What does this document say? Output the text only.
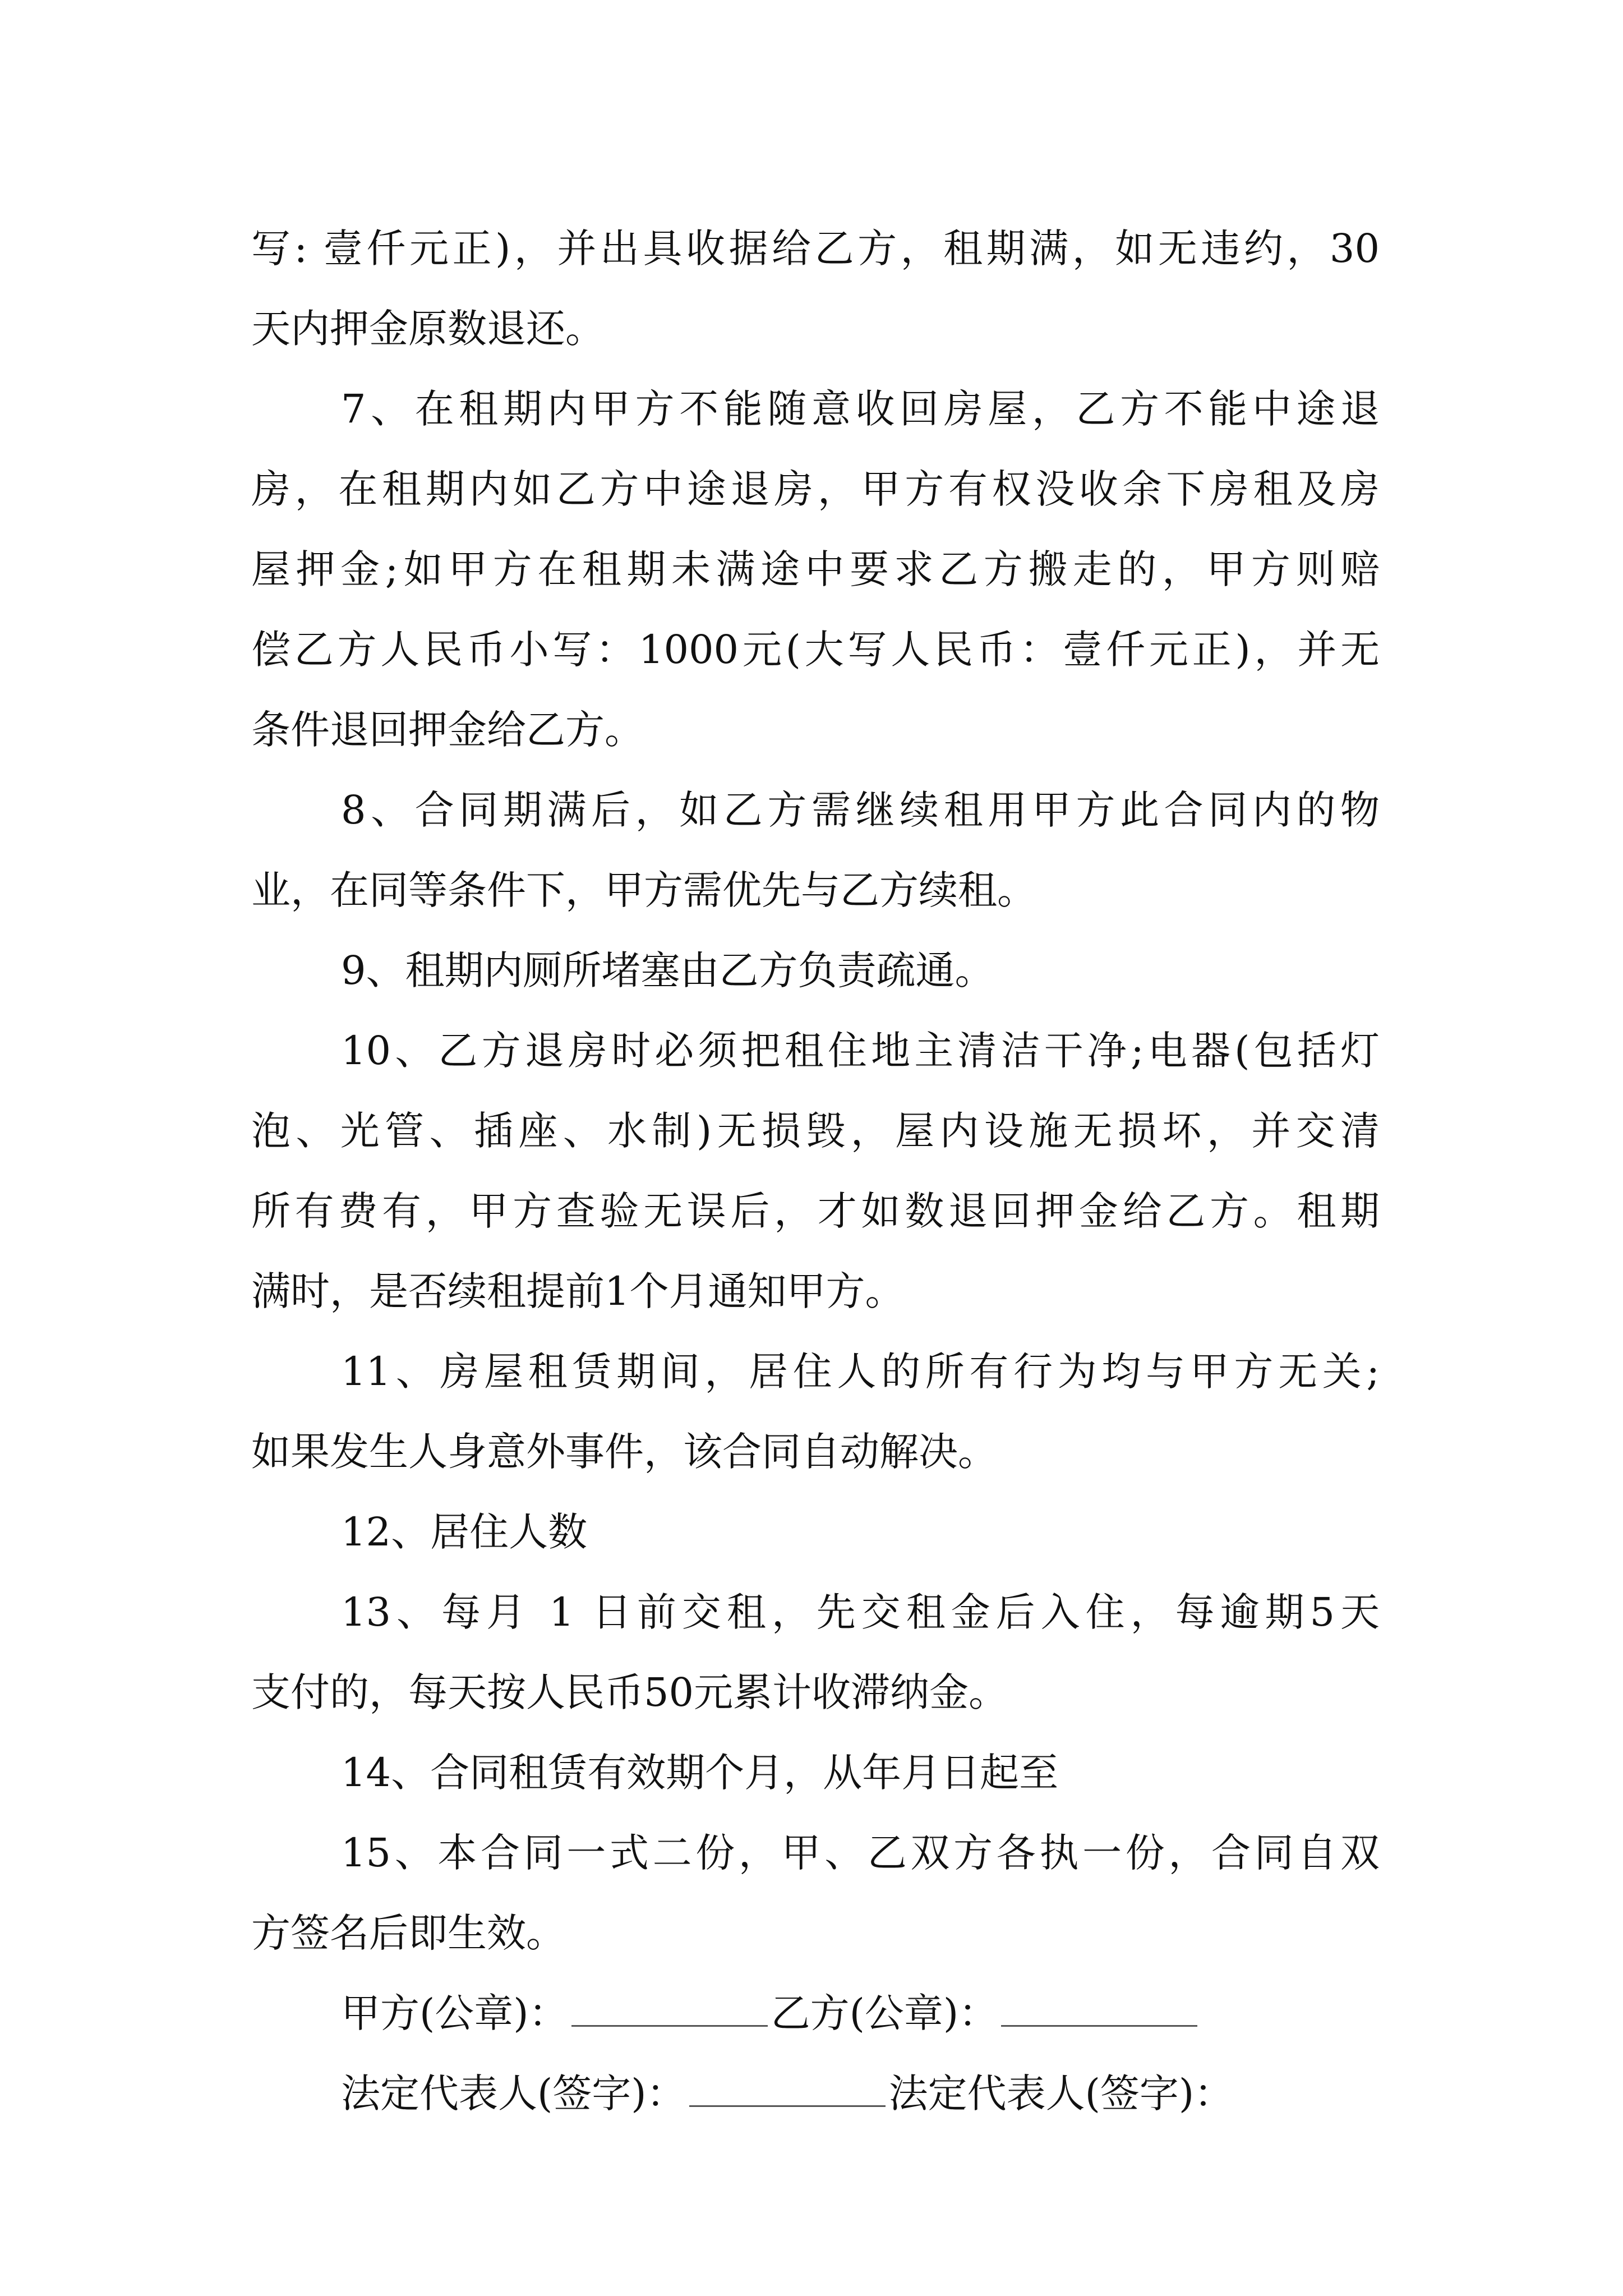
写: 壹仟元正)，并出具收据给乙方，租期满，如无违约，30
天内押金原数退还。
7、在租期内甲方不能随意收回房屋，乙方不能中途退
房，在租期内如乙方中途退房，甲方有权没收余下房租及房
屋押金;如甲方在租期未满途中要求乙方搬走的，甲方则赔
偿乙方人民币小写：1000元(大写人民币：壹仟元正)，并无
条件退回押金给乙方。
8、合同期满后，如乙方需继续租用甲方此合同内的物
业，在同等条件下，甲方需优先与乙方续租。
9、租期内厕所堵塞由乙方负责疏通。
10、乙方退房时必须把租住地主清洁干净;电器(包括灯
泡、光管、插座、水制)无损毁，屋内设施无损坏，并交清
所有费有，甲方查验无误后，才如数退回押金给乙方。租期
满时，是否续租提前1个月通知甲方。
11、房屋租赁期间，居住人的所有行为均与甲方无关;
如果发生人身意外事件，该合同自动解决。
12、居住人数
13、每月 1 日前交租，先交租金后入住，每逾期5天
支付的，每天按人民币50元累计收滞纳金。
14、合同租赁有效期个月，从年月日起至
15、本合同一式二份，甲、乙双方各执一份，合同自双
方签名后即生效。
甲方(公章)：	乙方(公章)：
法定代表人(签字)：	法定代表人(签字)：
